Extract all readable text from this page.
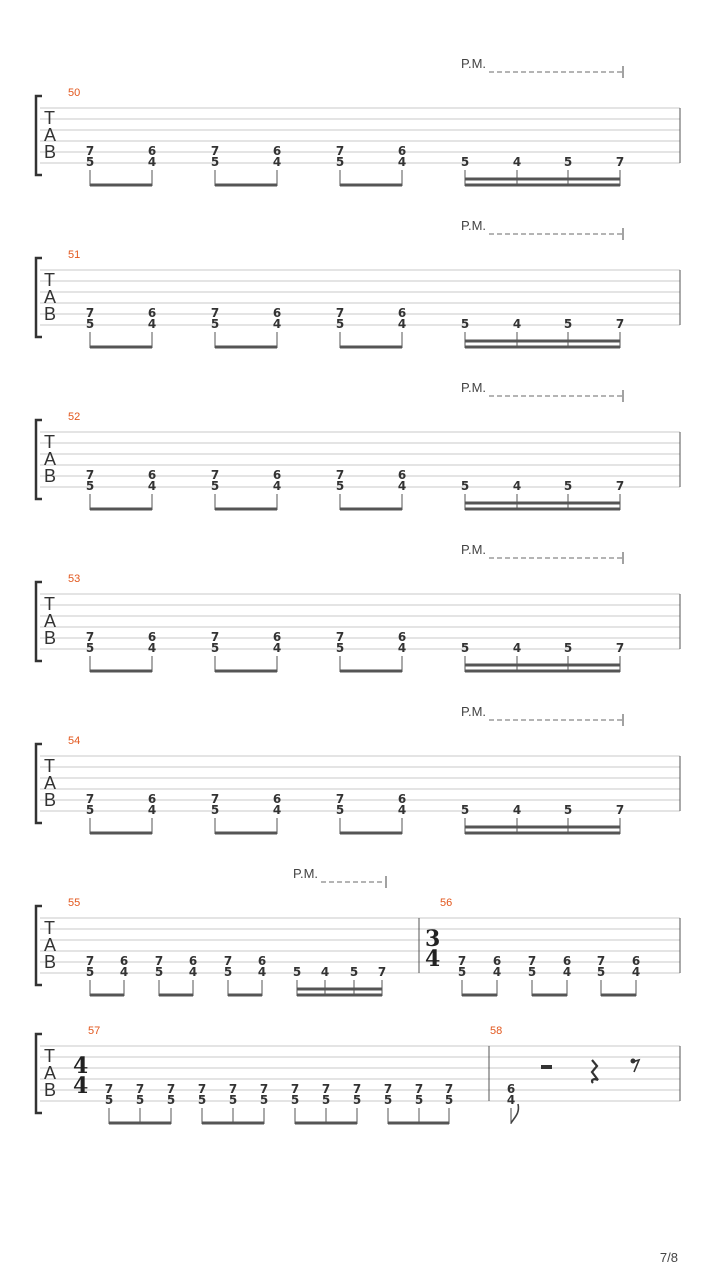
P.M.
50
T
A
B 7
5
6
4
7
5
6
4
7
5
6
4	5	4	5	7
P.M.
51
T
A
B 7
5
6
4
7
5
6
4
7
5
6
4	5	4	5	7
P.M.
52
T
A
B 7
5
6
4
7
5
6
4
7
5
6
4	5	4	5	7
P.M.
53
T
A
B 7
5
6
4
7
5
6
4
7
5
6
4	5	4	5	7
P.M.
54
T
A
B 7
5
6
4
7
5
6
4
7
5
6
4	5	4	5	7
P.M.
55	56
T
A
B
3
4
7
5
6
4
7
5
6
4
7
5
6
4 5 4 5 7
7
5
6
4
7
5
6
4
7
5
6
4
57	58
T
A
B
4
4 7
5
7
5
7
5
7
5
7
5
7
5
7
5
7
5
7
5
7
5
7
5
7
5
6
4
7/8
